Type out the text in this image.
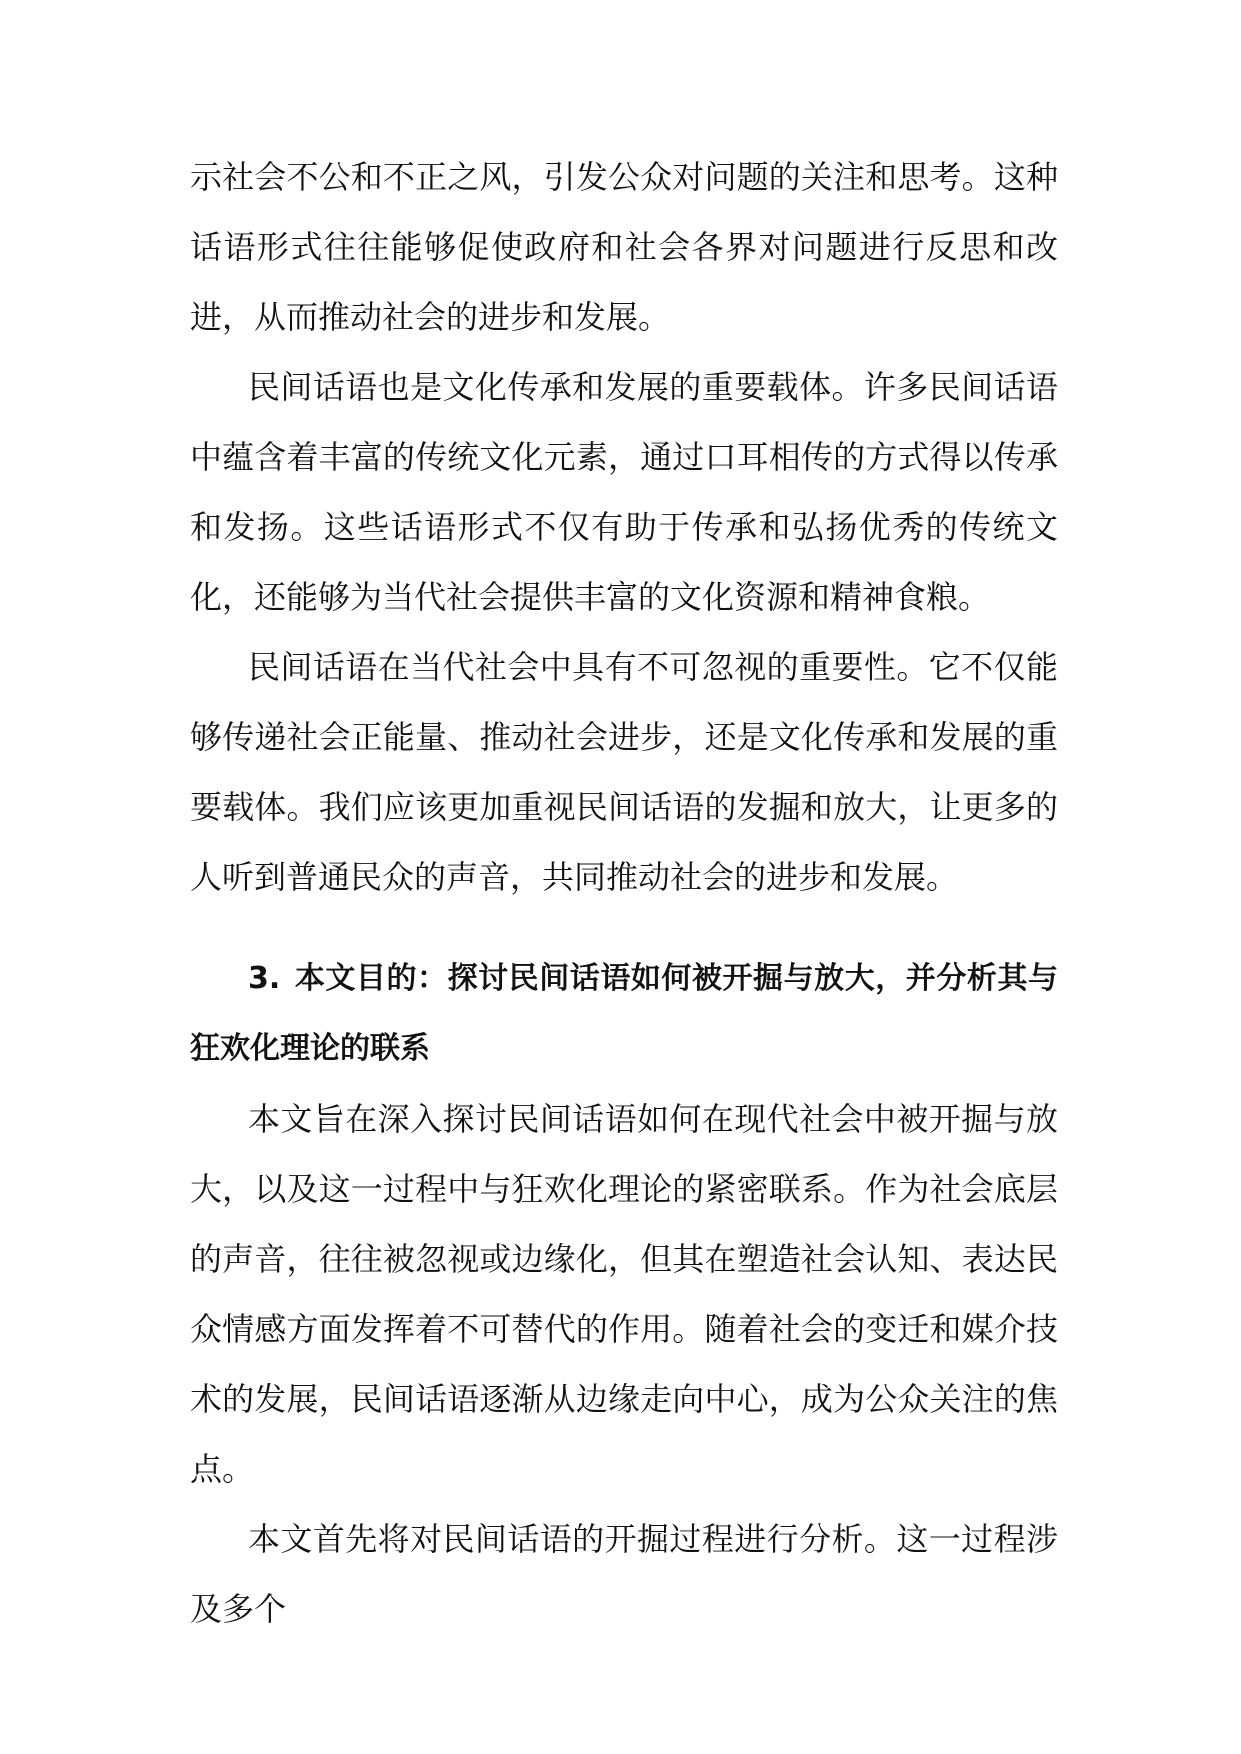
示社会不公和不正之风，引发公众对问题的关注和思考。这种话语形式往往能够促使政府和社会各界对问题进行反思和改进，从而推动社会的进步和发展。

民间话语也是文化传承和发展的重要载体。许多民间话语中蕴含着丰富的传统文化元素，通过口耳相传的方式得以传承和发扬。这些话语形式不仅有助于传承和弘扬优秀的传统文化，还能够为当代社会提供丰富的文化资源和精神食粮。

民间话语在当代社会中具有不可忽视的重要性。它不仅能够传递社会正能量、推动社会进步，还是文化传承和发展的重要载体。我们应该更加重视民间话语的发掘和放大，让更多的人听到普通民众的声音，共同推动社会的进步和发展。

3. 本文目的：探讨民间话语如何被开掘与放大，并分析其与狂欢化理论的联系

本文旨在深入探讨民间话语如何在现代社会中被开掘与放大，以及这一过程中与狂欢化理论的紧密联系。作为社会底层的声音，往往被忽视或边缘化，但其在塑造社会认知、表达民众情感方面发挥着不可替代的作用。随着社会的变迁和媒介技术的发展，民间话语逐渐从边缘走向中心，成为公众关注的焦点。

本文首先将对民间话语的开掘过程进行分析。这一过程涉及多个
